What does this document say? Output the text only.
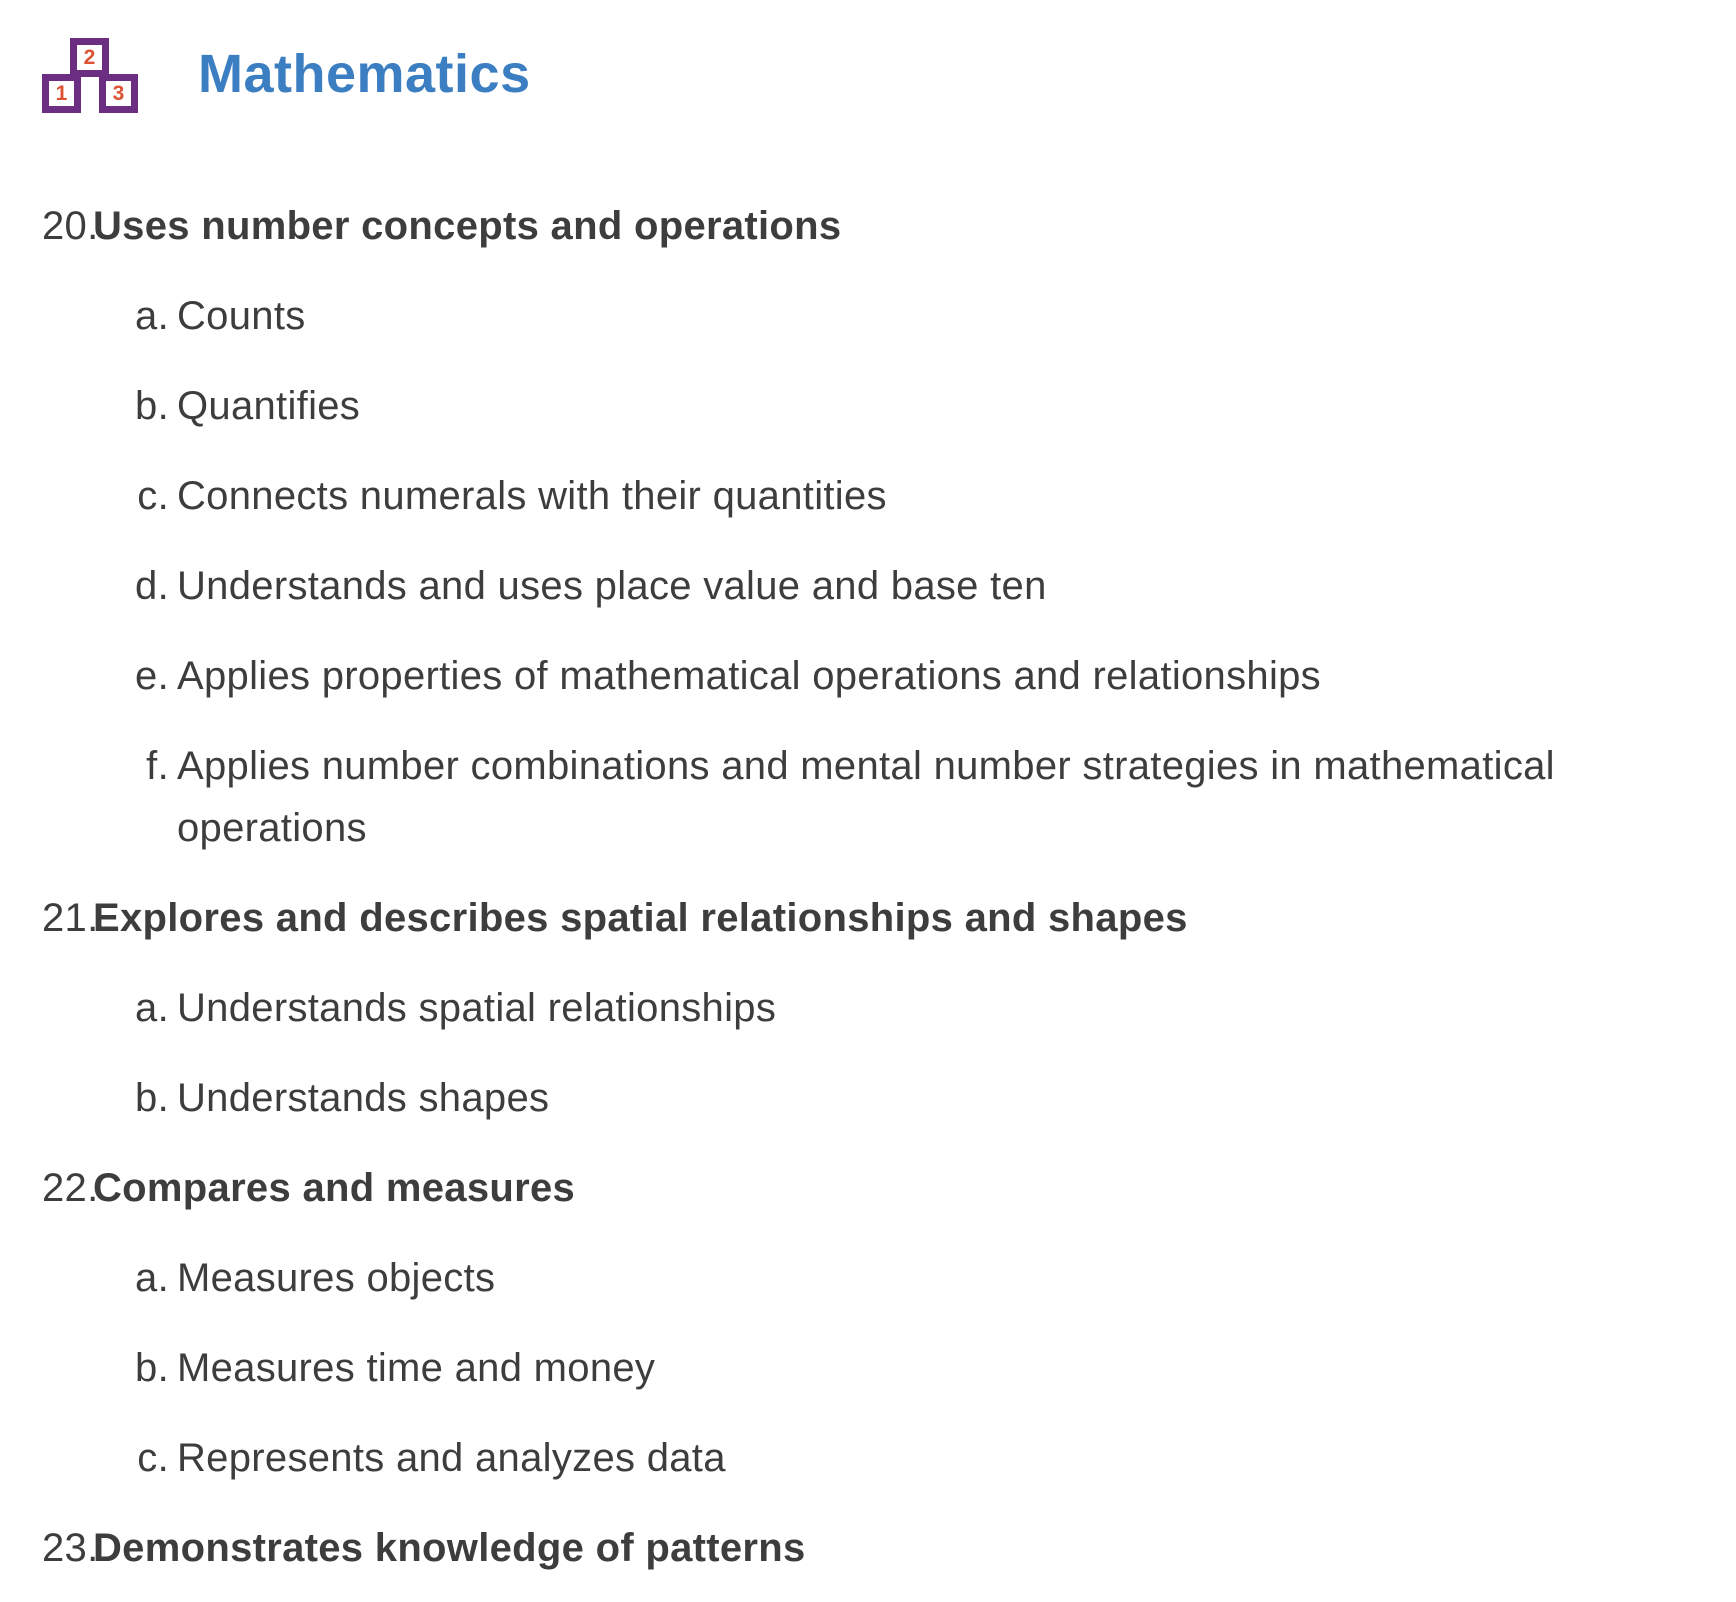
2
1	3 Mathematics
20.
Uses number concepts and operations
a. Counts
b. Quantifies
c. Connects numerals with their quantities
d. Understands and uses place value and base ten
e. Applies properties of mathematical operations and relationships
f. Applies number combinations and mental number strategies in mathematical operations
21.
Explores and describes spatial relationships and shapes
a. Understands spatial relationships
b. Understands shapes
22.
Compares and measures
a. Measures objects
b. Measures time and money
c. Represents and analyzes data
23.
Demonstrates knowledge of patterns
